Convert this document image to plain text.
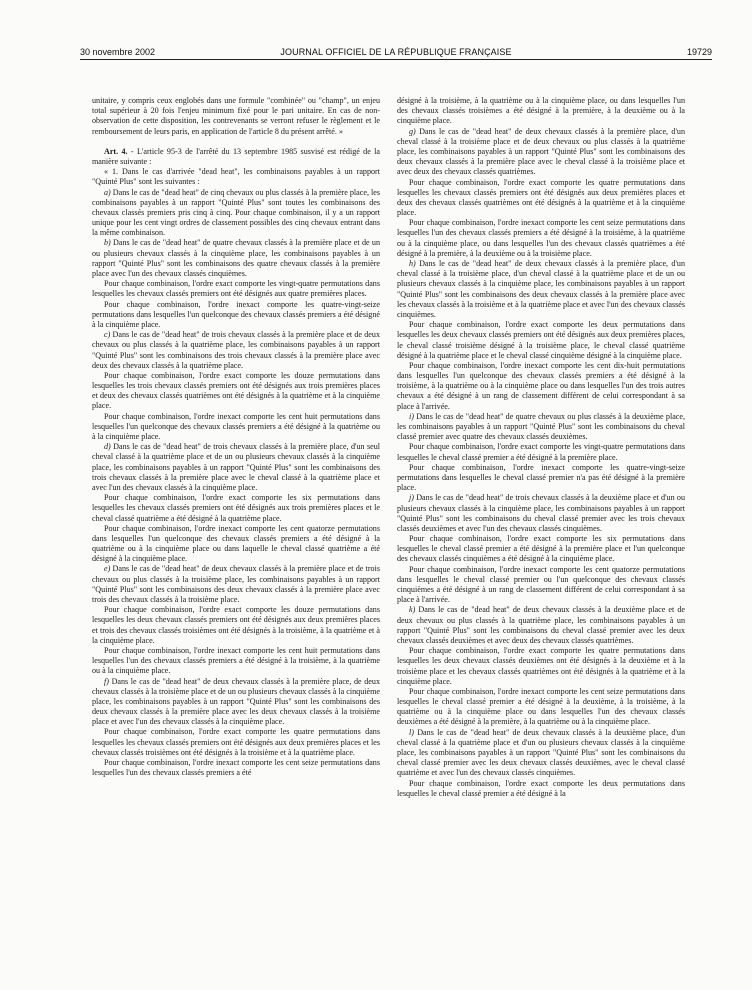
30 novembre 2002	JOURNAL OFFICIEL DE LA RÉPUBLIQUE FRANÇAISE	19729

unitaire, y compris ceux englobés dans une formule "combinée" ou "champ", un enjeu total supérieur à 20 fois l'enjeu minimum fixé pour le pari unitaire. En cas de non-observation de cette disposition, les contrevenants se verront refuser le règlement et le remboursement de leurs paris, en application de l'article 8 du présent arrêté. »

Art. 4. - L'article 95-3 de l'arrêté du 13 septembre 1985 susvisé est rédigé de la manière suivante :

« 1. Dans le cas d'arrivée "dead heat", les combinaisons payables à un rapport "Quinté Plus" sont les suivantes :

a) Dans le cas de "dead heat" de cinq chevaux ou plus classés à la première place, les combinaisons payables à un rapport "Quinté Plus" sont toutes les combinaisons des chevaux classés premiers pris cinq à cinq. Pour chaque combinaison, il y a un rapport unique pour les cent vingt ordres de classement possibles des cinq chevaux entrant dans la même combinaison.

b) Dans le cas de "dead heat" de quatre chevaux classés à la première place et de un ou plusieurs chevaux classés à la cinquième place, les combinaisons payables à un rapport "Quinté Plus" sont les combinaisons des quatre chevaux classés à la première place avec l'un des chevaux classés cinquièmes.

Pour chaque combinaison, l'ordre exact comporte les vingt-quatre permutations dans lesquelles les chevaux classés premiers ont été désignés aux quatre premières places.

Pour chaque combinaison, l'ordre inexact comporte les quatre-vingt-seize permutations dans lesquelles l'un quelconque des chevaux classés premiers a été désigné à la cinquième place.

c) Dans le cas de "dead heat" de trois chevaux classés à la première place et de deux chevaux ou plus classés à la quatrième place, les combinaisons payables à un rapport "Quinté Plus" sont les combinaisons des trois chevaux classés à la première place avec deux des chevaux classés à la quatrième place.

Pour chaque combinaison, l'ordre exact comporte les douze permutations dans lesquelles les trois chevaux classés premiers ont été désignés aux trois premières places et deux des chevaux classés quatrièmes ont été désignés à la quatrième et à la cinquième place.

Pour chaque combinaison, l'ordre inexact comporte les cent huit permutations dans lesquelles l'un quelconque des chevaux classés premiers a été désigné à la quatrième ou à la cinquième place.

d) Dans le cas de "dead heat" de trois chevaux classés à la première place, d'un seul cheval classé à la quatrième place et de un ou plusieurs chevaux classés à la cinquième place, les combinaisons payables à un rapport "Quinté Plus" sont les combinaisons des trois chevaux classés à la première place avec le cheval classé à la quatrième place et avec l'un des chevaux classés à la cinquième place.

Pour chaque combinaison, l'ordre exact comporte les six permutations dans lesquelles les chevaux classés premiers ont été désignés aux trois premières places et le cheval classé quatrième a été désigné à la quatrième place.

Pour chaque combinaison, l'ordre inexact comporte les cent quatorze permutations dans lesquelles l'un quelconque des chevaux classés premiers a été désigné à la quatrième ou à la cinquième place ou dans laquelle le cheval classé quatrième a été désigné à la cinquième place.

e) Dans le cas de "dead heat" de deux chevaux classés à la première place et de trois chevaux ou plus classés à la troisième place, les combinaisons payables à un rapport "Quinté Plus" sont les combinaisons des deux chevaux classés à la première place avec trois des chevaux classés à la troisième place.

Pour chaque combinaison, l'ordre exact comporte les douze permutations dans lesquelles les deux chevaux classés premiers ont été désignés aux deux premières places et trois des chevaux classés troisièmes ont été désignés à la troisième, à la quatrième et à la cinquième place.

Pour chaque combinaison, l'ordre inexact comporte les cent huit permutations dans lesquelles l'un des chevaux classés premiers a été désigné à la troisième, à la quatrième ou à la cinquième place.

f) Dans le cas de "dead heat" de deux chevaux classés à la première place, de deux chevaux classés à la troisième place et de un ou plusieurs chevaux classés à la cinquième place, les combinaisons payables à un rapport "Quinté Plus" sont les combinaisons des deux chevaux classés à la première place avec les deux chevaux classés à la troisième place et avec l'un des chevaux classés à la cinquième place.

Pour chaque combinaison, l'ordre exact comporte les quatre permutations dans lesquelles les chevaux classés premiers ont été désignés aux deux premières places et les chevaux classés troisièmes ont été désignés à la troisième et à la quatrième place.

Pour chaque combinaison, l'ordre inexact comporte les cent seize permutations dans lesquelles l'un des chevaux classés premiers a été

désigné à la troisième, à la quatrième ou à la cinquième place, ou dans lesquelles l'un des chevaux classés troisièmes a été désigné à la première, à la deuxième ou à la cinquième place.

g) Dans le cas de "dead heat" de deux chevaux classés à la première place, d'un cheval classé à la troisième place et de deux chevaux ou plus classés à la quatrième place, les combinaisons payables à un rapport "Quinté Plus" sont les combinaisons des deux chevaux classés à la première place avec le cheval classé à la troisième place et avec deux des chevaux classés quatrièmes.

Pour chaque combinaison, l'ordre exact comporte les quatre permutations dans lesquelles les chevaux classés premiers ont été désignés aux deux premières places et deux des chevaux classés quatrièmes ont été désignés à la quatrième et à la cinquième place.

Pour chaque combinaison, l'ordre inexact comporte les cent seize permutations dans lesquelles l'un des chevaux classés premiers a été désigné à la troisième, à la quatrième ou à la cinquième place, ou dans lesquelles l'un des chevaux classés quatrièmes a été désigné à la première, à la deuxième ou à la troisième place.

h) Dans le cas de "dead heat" de deux chevaux classés à la première place, d'un cheval classé à la troisième place, d'un cheval classé à la quatrième place et de un ou plusieurs chevaux classés à la cinquième place, les combinaisons payables à un rapport "Quinté Plus" sont les combinaisons des deux chevaux classés à la première place avec les chevaux classés à la troisième et à la quatrième place et avec l'un des chevaux classés cinquièmes.

Pour chaque combinaison, l'ordre exact comporte les deux permutations dans lesquelles les deux chevaux classés premiers ont été désignés aux deux premières places, le cheval classé troisième désigné à la troisième place, le cheval classé quatrième désigné à la quatrième place et le cheval classé cinquième désigné à la cinquième place.

Pour chaque combinaison, l'ordre inexact comporte les cent dix-huit permutations dans lesquelles l'un quelconque des chevaux classés premiers a été désigné à la troisième, à la quatrième ou à la cinquième place ou dans lesquelles l'un des trois autres chevaux a été désigné à un rang de classement différent de celui correspondant à sa place à l'arrivée.

i) Dans le cas de "dead heat" de quatre chevaux ou plus classés à la deuxième place, les combinaisons payables à un rapport "Quinté Plus" sont les combinaisons du cheval classé premier avec quatre des chevaux classés deuxièmes.

Pour chaque combinaison, l'ordre exact comporte les vingt-quatre permutations dans lesquelles le cheval classé premier a été désigné à la première place.

Pour chaque combinaison, l'ordre inexact comporte les quatre-vingt-seize permutations dans lesquelles le cheval classé premier n'a pas été désigné à la première place.

j) Dans le cas de "dead heat" de trois chevaux classés à la deuxième place et d'un ou plusieurs chevaux classés à la cinquième place, les combinaisons payables à un rapport "Quinté Plus" sont les combinaisons du cheval classé premier avec les trois chevaux classés deuxièmes et avec l'un des chevaux classés cinquièmes.

Pour chaque combinaison, l'ordre exact comporte les six permutations dans lesquelles le cheval classé premier a été désigné à la première place et l'un quelconque des chevaux classés cinquièmes a été désigné à la cinquième place.

Pour chaque combinaison, l'ordre inexact comporte les cent quatorze permutations dans lesquelles le cheval classé premier ou l'un quelconque des chevaux classés cinquièmes a été désigné à un rang de classement différent de celui correspondant à sa place à l'arrivée.

k) Dans le cas de "dead heat" de deux chevaux classés à la deuxième place et de deux chevaux ou plus classés à la quatrième place, les combinaisons payables à un rapport "Quinté Plus" sont les combinaisons du cheval classé premier avec les deux chevaux classés deuxièmes et avec deux des chevaux classés quatrièmes.

Pour chaque combinaison, l'ordre exact comporte les quatre permutations dans lesquelles les deux chevaux classés deuxièmes ont été désignés à la deuxième et à la troisième place et les chevaux classés quatrièmes ont été désignés à la quatrième et à la cinquième place.

Pour chaque combinaison, l'ordre inexact comporte les cent seize permutations dans lesquelles le cheval classé premier a été désigné à la deuxième, à la troisième, à la quatrième ou à la cinquième place ou dans lesquelles l'un des chevaux classés deuxièmes a été désigné à la première, à la quatrième ou à la cinquième place.

l) Dans le cas de "dead heat" de deux chevaux classés à la deuxième place, d'un cheval classé à la quatrième place et d'un ou plusieurs chevaux classés à la cinquième place, les combinaisons payables à un rapport "Quinté Plus" sont les combinaisons du cheval classé premier avec les deux chevaux classés deuxièmes, avec le cheval classé quatrième et avec l'un des chevaux classés cinquièmes.

Pour chaque combinaison, l'ordre exact comporte les deux permutations dans lesquelles le cheval classé premier a été désigné à la
